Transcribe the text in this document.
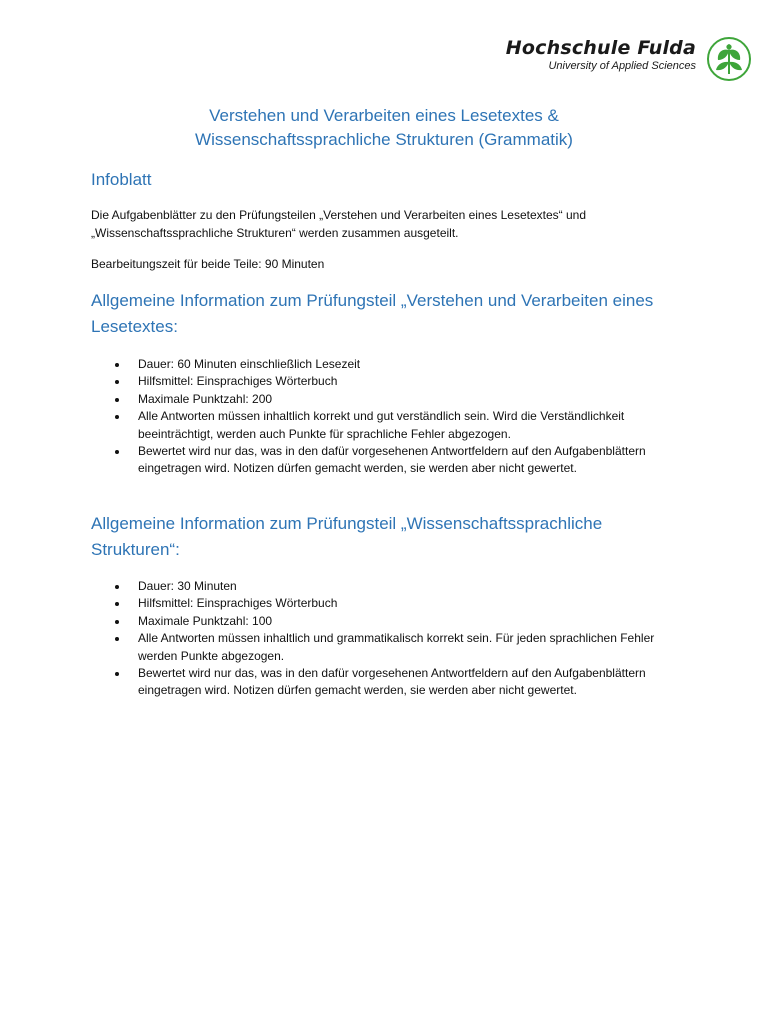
Hochschule Fulda
University of Applied Sciences
Verstehen und Verarbeiten eines Lesetextes &
Wissenschaftssprachliche Strukturen (Grammatik)
Infoblatt
Die Aufgabenblätter zu den Prüfungsteilen „Verstehen und Verarbeiten eines Lesetextes“ und „Wissenschaftssprachliche Strukturen“ werden zusammen ausgeteilt.
Bearbeitungszeit für beide Teile: 90 Minuten
Allgemeine Information zum Prüfungsteil „Verstehen und Verarbeiten eines Lesetextes:
Dauer: 60 Minuten einschließlich Lesezeit
Hilfsmittel: Einsprachiges Wörterbuch
Maximale Punktzahl: 200
Alle Antworten müssen inhaltlich korrekt und gut verständlich sein. Wird die Verständlichkeit beeinträchtigt, werden auch Punkte für sprachliche Fehler abgezogen.
Bewertet wird nur das, was in den dafür vorgesehenen Antwortfeldern auf den Aufgabenblättern eingetragen wird. Notizen dürfen gemacht werden, sie werden aber nicht gewertet.
Allgemeine Information zum Prüfungsteil „Wissenschaftssprachliche Strukturen“:
Dauer: 30 Minuten
Hilfsmittel: Einsprachiges Wörterbuch
Maximale Punktzahl: 100
Alle Antworten müssen inhaltlich und grammatikalisch korrekt sein. Für jeden sprachlichen Fehler werden Punkte abgezogen.
Bewertet wird nur das, was in den dafür vorgesehenen Antwortfeldern auf den Aufgabenblättern eingetragen wird. Notizen dürfen gemacht werden, sie werden aber nicht gewertet.
